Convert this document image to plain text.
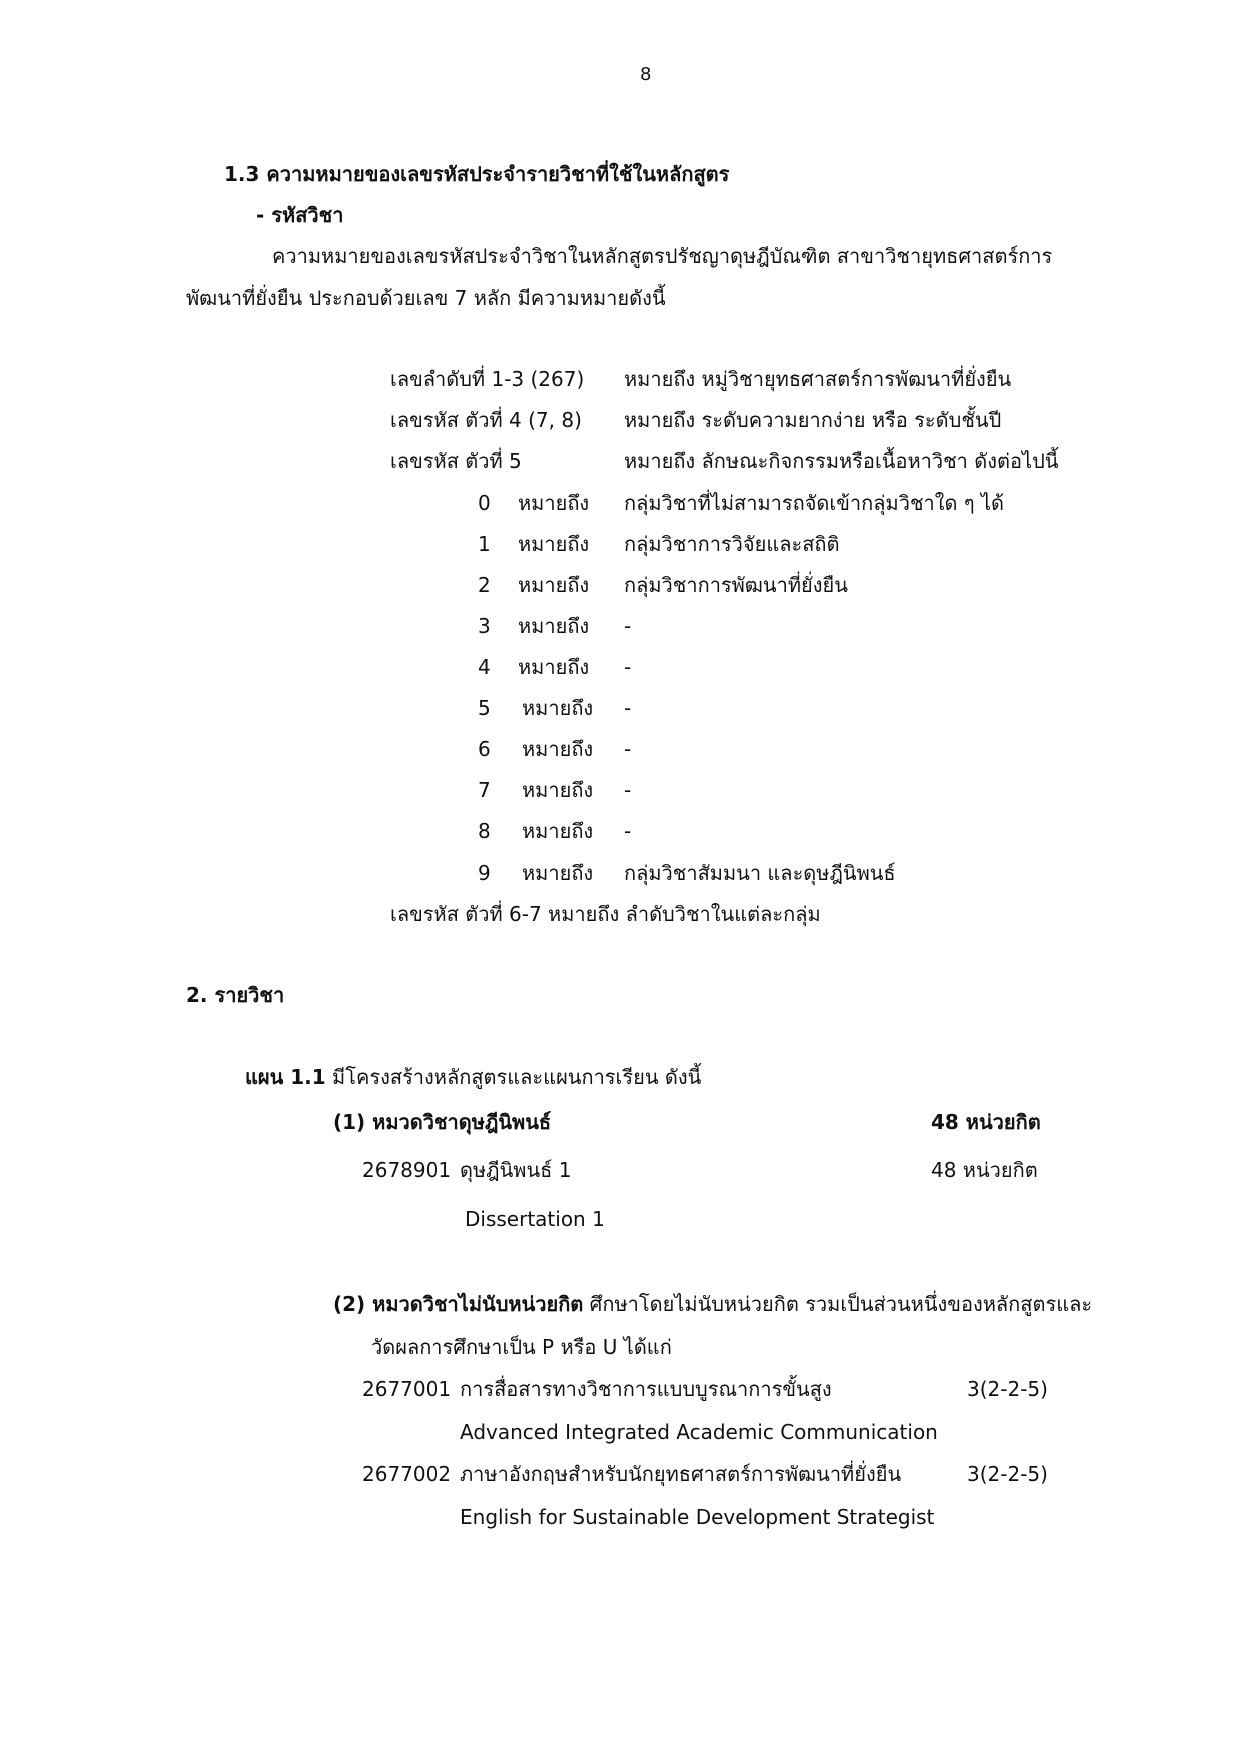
8
1.3 ความหมายของเลขรหัสประจำรายวิชาที่ใช้ในหลักสูตร
- รหัสวิชา
ความหมายของเลขรหัสประจำวิชาในหลักสูตรปรัชญาดุษฎีบัณฑิต สาขาวิชายุทธศาสตร์การ
พัฒนาที่ยั่งยืน ประกอบด้วยเลข 7 หลัก มีความหมายดังนี้
เลขลำดับที่ 1-3 (267) หมายถึง หมู่วิชายุทธศาสตร์การพัฒนาที่ยั่งยืน
เลขรหัส ตัวที่ 4 (7, 8) หมายถึง ระดับความยากง่าย หรือ ระดับชั้นปี
เลขรหัส ตัวที่ 5	หมายถึง ลักษณะกิจกรรมหรือเนื้อหาวิชา ดังต่อไปนี้
0 หมายถึง กลุ่มวิชาที่ไม่สามารถจัดเข้ากลุ่มวิชาใด ๆ ได้
1 หมายถึง กลุ่มวิชาการวิจัยและสถิติ
2 หมายถึง กลุ่มวิชาการพัฒนาที่ยั่งยืน
3 หมายถึง -
4 หมายถึง -
5 หมายถึง -
6 หมายถึง -
7 หมายถึง -
8 หมายถึง -
9 หมายถึง กลุ่มวิชาสัมมนา และดุษฎีนิพนธ์
เลขรหัส ตัวที่ 6-7 หมายถึง ลำดับวิชาในแต่ละกลุ่ม
2. รายวิชา
แผน 1.1 มีโครงสร้างหลักสูตรและแผนการเรียน ดังนี้
(1) หมวดวิชาดุษฎีนิพนธ์	48 หน่วยกิต
2678901 ดุษฎีนิพนธ์ 1	48 หน่วยกิต
Dissertation 1
(2) หมวดวิชาไม่นับหน่วยกิต ศึกษาโดยไม่นับหน่วยกิต รวมเป็นส่วนหนึ่งของหลักสูตรและ
วัดผลการศึกษาเป็น P หรือ U ได้แก่
2677001 การสื่อสารทางวิชาการแบบบูรณาการขั้นสูง	3(2-2-5)
Advanced Integrated Academic Communication
2677002 ภาษาอังกฤษสำหรับนักยุทธศาสตร์การพัฒนาที่ยั่งยืน	3(2-2-5)
English for Sustainable Development Strategist
